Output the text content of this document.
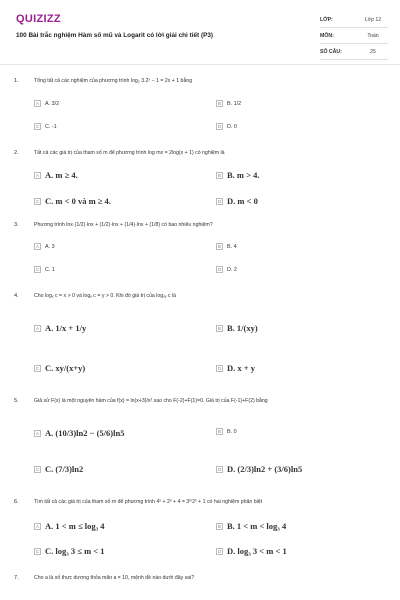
QUIZIZZ
100 Bài trắc nghiệm Hàm số mũ và Logarit có lời giải chi tiết (P3)
LỚP:	Lớp 12
MÔN:	Toán
SỐ CÂU:	25
1.	Tổng tất cả các nghiệm của phương trình log₂ 3.2ˣ − 1 = 2x + 1 bằng
A	A. 3/2	B	B. 1/2
C	C. -1	D	D. 0
2.	Tất cả các giá trị của tham số m để phương trình log mx = 2log(x + 1) có nghiệm là
A A. m ≥ 4.	B B. m > 4.
C C. m < 0 và m ≥ 4.	D D. m < 0
3.	Phương trình lnx·(1/2)·lnx + (1/2)·lnx + (1/4)·lnx + (1/8) có bao nhiêu nghiệm?
A	A. 3	B	B. 4
C	C. 1	D	D. 2
4.	Cho logₓ c = x > 0 và logᵧ c = y > 0. Khi đó giá trị của logₓᵧ c là
A A. 1/x + 1/y	B B. 1/(xy)
C C. xy/(x+y)	D D. x + y
5.	Giả sử F(x) là một nguyên hàm của f(x) = ln(x+3)/x² sao cho F(-2)+F(1)=0. Giá trị của F(-1)+F(2) bằng
A A. (10/3)ln2 − (5/6)ln5	B	B. 0
C C. (7/3)ln2	D D. (2/3)ln2 + (3/6)ln5
6.	Tìm tất cả các giá trị của tham số m để phương trình 4ˣ + 2ˣ + 4 = 3ᵐ2ˣ + 1 có hai nghiệm phân biệt
A A. 1 < m ≤ log₃ 4	B B. 1 < m < log₃ 4
C C. log₃ 3 ≤ m < 1	D D. log₃ 3 < m < 1
7.	Cho a là số thực dương thỏa mãn a ≠ 10, mệnh đề nào dưới đây sai?
